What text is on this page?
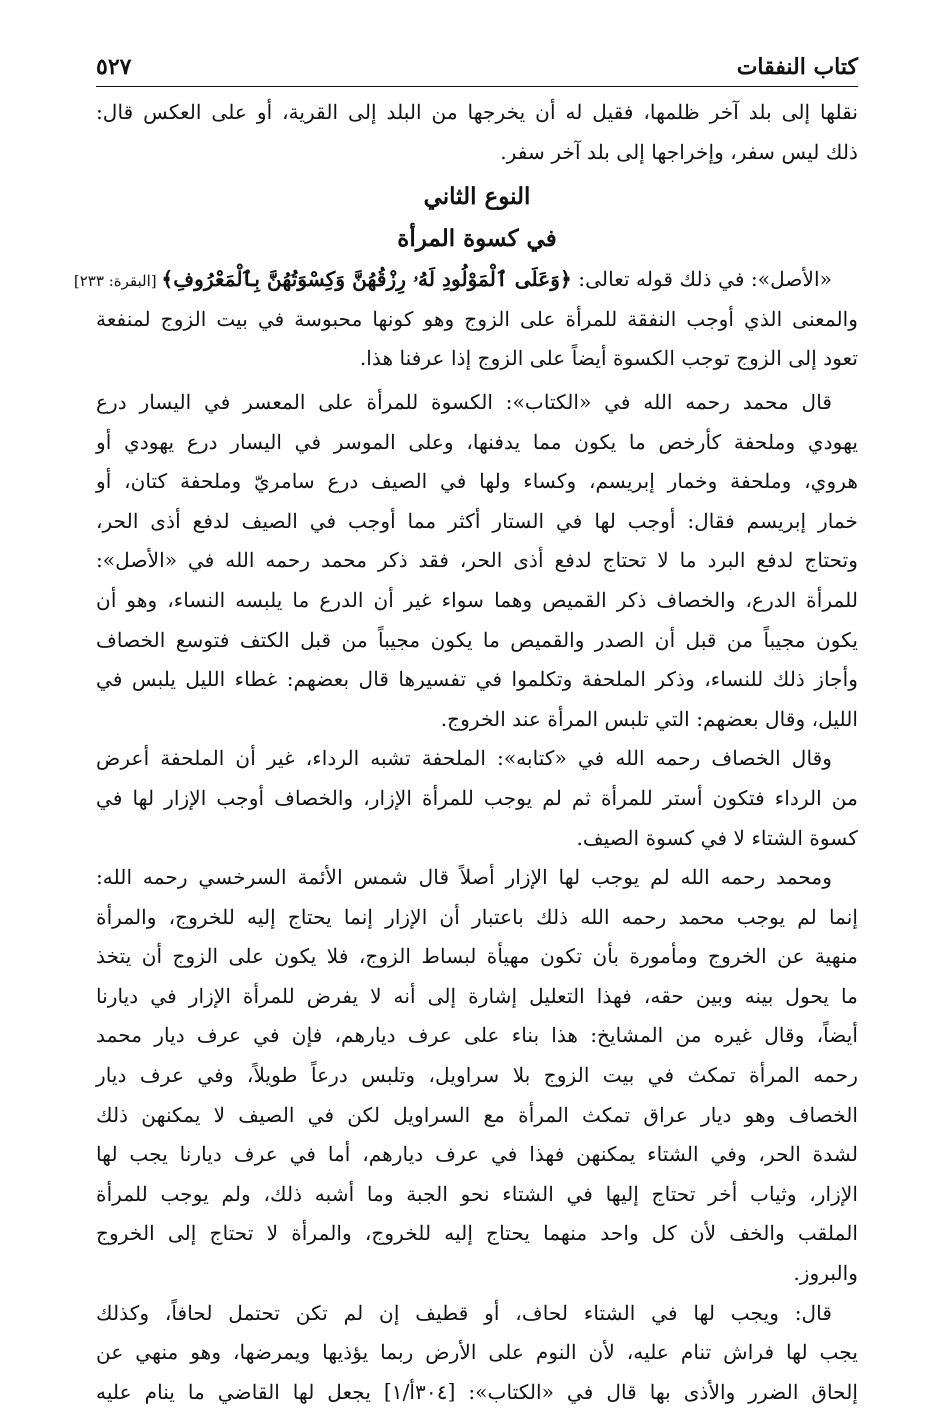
كتاب النفقات
٥٢٧
نقلها إلى بلد آخر ظلمها، فقيل له أن يخرجها من البلد إلى القرية، أو على العكس قال:
ذلك ليس سفر، وإخراجها إلى بلد آخر سفر.
النوع الثاني
في كسوة المرأة
«الأصل»: في ذلك قوله تعالى: ﴿وَعَلَى ٱلْمَوْلُودِ لَهُۥ رِزْقُهُنَّ وَكِسْوَتُهُنَّ بِٱلْمَعْرُوفِ﴾ [البقرة: ٢٣٣]
والمعنى الذي أوجب النفقة للمرأة على الزوج وهو كونها محبوسة في بيت الزوج لمنفعة
تعود إلى الزوج توجب الكسوة أيضاً على الزوج إذا عرفنا هذا.
قال محمد رحمه الله في «الكتاب»: الكسوة للمرأة على المعسر في اليسار درع
يهودي وملحفة كأرخص ما يكون مما يدفنها، وعلى الموسر في اليسار درع يهودي أو
هروي، وملحفة وخمار إبريسم، وكساء ولها في الصيف درع سامريّ وملحفة كتان، أو
خمار إبريسم فقال: أوجب لها في الستار أكثر مما أوجب في الصيف لدفع أذى الحر،
وتحتاج لدفع البرد ما لا تحتاج لدفع أذى الحر، فقد ذكر محمد رحمه الله في «الأصل»:
للمرأة الدرع، والخصاف ذكر القميص وهما سواء غير أن الدرع ما يلبسه النساء، وهو أن
يكون مجيباً من قبل أن الصدر والقميص ما يكون مجيباً من قبل الكتف فتوسع الخصاف
وأجاز ذلك للنساء، وذكر الملحفة وتكلموا في تفسيرها قال بعضهم: غطاء الليل يلبس في
الليل، وقال بعضهم: التي تلبس المرأة عند الخروج.
وقال الخصاف رحمه الله في «كتابه»: الملحفة تشبه الرداء، غير أن الملحفة أعرض
من الرداء فتكون أستر للمرأة ثم لم يوجب للمرأة الإزار، والخصاف أوجب الإزار لها في
كسوة الشتاء لا في كسوة الصيف.
ومحمد رحمه الله لم يوجب لها الإزار أصلاً قال شمس الأئمة السرخسي رحمه الله:
إنما لم يوجب محمد رحمه الله ذلك باعتبار أن الإزار إنما يحتاج إليه للخروج، والمرأة
منهية عن الخروج ومأمورة بأن تكون مهيأة لبساط الزوج، فلا يكون على الزوج أن يتخذ
ما يحول بينه وبين حقه، فهذا التعليل إشارة إلى أنه لا يفرض للمرأة الإزار في ديارنا
أيضاً، وقال غيره من المشايخ: هذا بناء على عرف ديارهم، فإن في عرف ديار محمد
رحمه المرأة تمكث في بيت الزوج بلا سراويل، وتلبس درعاً طويلاً، وفي عرف ديار
الخصاف وهو ديار عراق تمكث المرأة مع السراويل لكن في الصيف لا يمكنهن ذلك
لشدة الحر، وفي الشتاء يمكنهن فهذا في عرف ديارهم، أما في عرف ديارنا يجب لها
الإزار، وثياب أخر تحتاج إليها في الشتاء نحو الجبة وما أشبه ذلك، ولم يوجب للمرأة
الملقب والخف لأن كل واحد منهما يحتاج إليه للخروج، والمرأة لا تحتاج إلى الخروج
والبروز.
قال: ويجب لها في الشتاء لحاف، أو قطيف إن لم تكن تحتمل لحافاً، وكذلك
يجب لها فراش تنام عليه، لأن النوم على الأرض ربما يؤذيها ويمرضها، وهو منهي عن
إلحاق الضرر والأذى بها قال في «الكتاب»: [٣٠٤أ/١] يجعل لها القاضي ما ينام عليه
